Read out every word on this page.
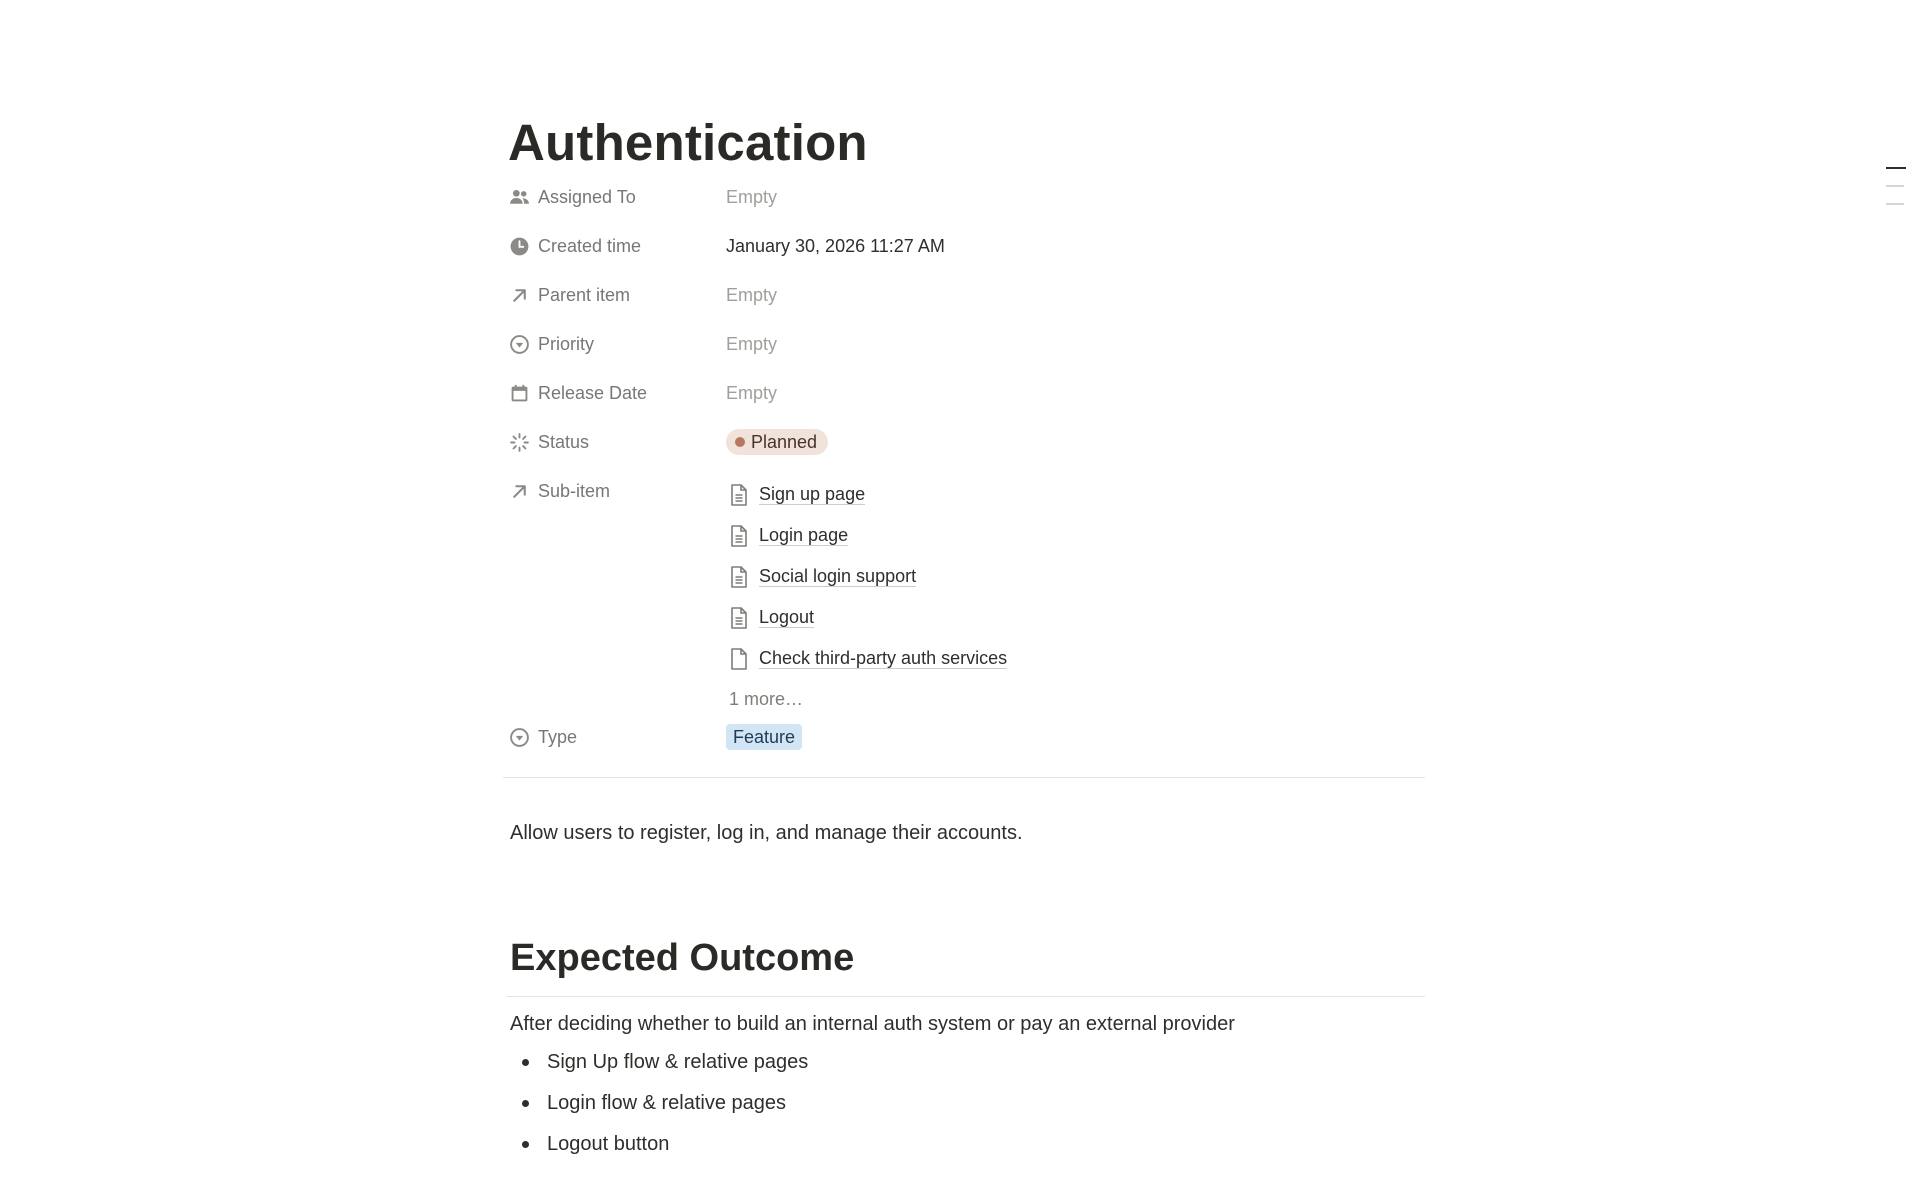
Authentication
Assigned To	Empty
Created time	January 30, 2026 11:27 AM
Parent item	Empty
Priority	Empty
Release Date	Empty
Status	Planned
Sub-item	Sign up page
Login page
Social login support
Logout
Check third-party auth services
1 more…
Type	Feature
Allow users to register, log in, and manage their accounts.
Expected Outcome
After deciding whether to build an internal auth system or pay an external provider
Sign Up flow & relative pages
Login flow & relative pages
Logout button
